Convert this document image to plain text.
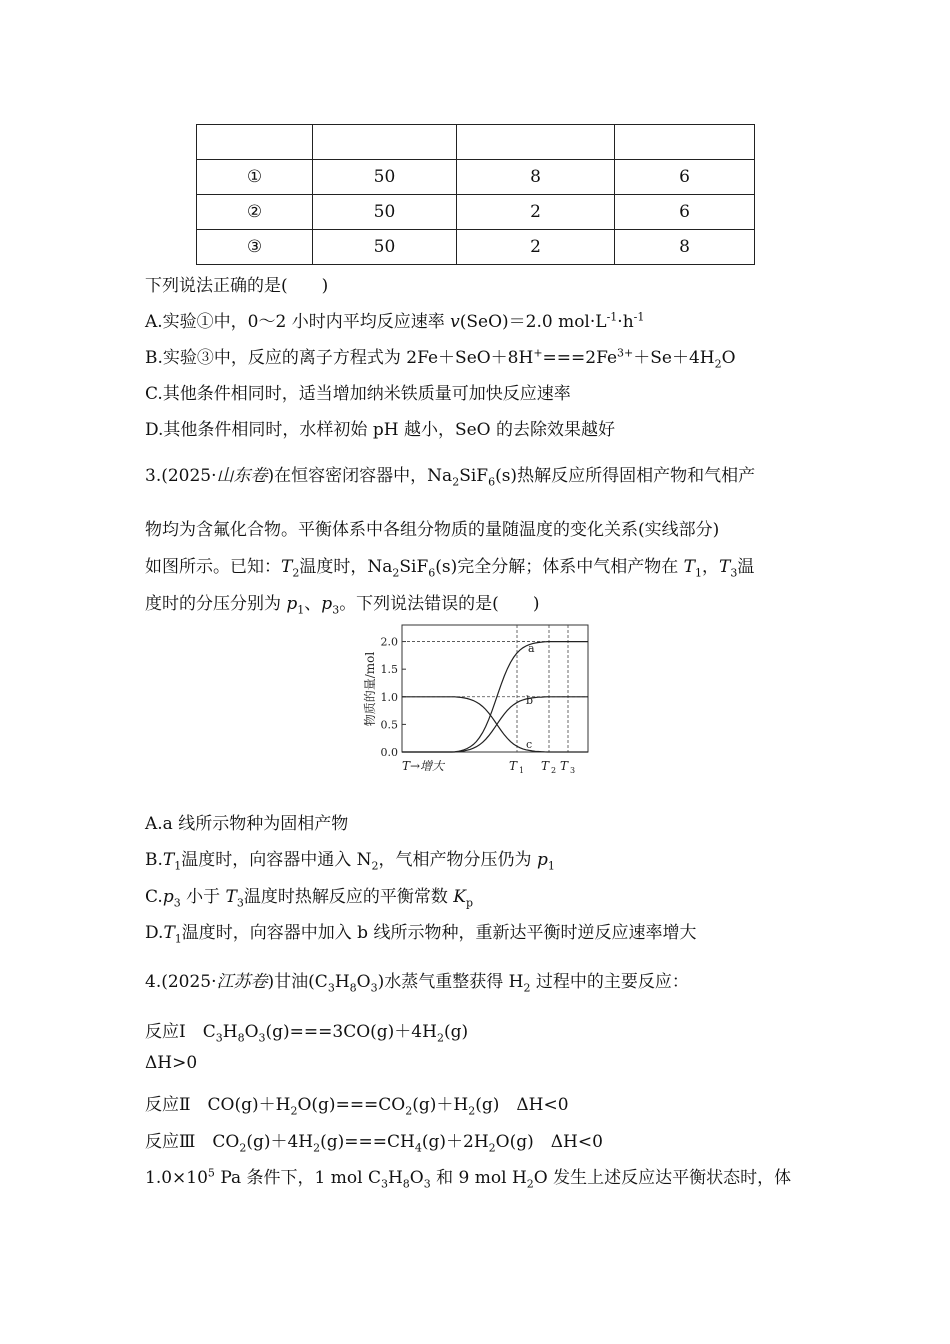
①	50	8	6
②	50	2	6
③	50	2	8
下列说法正确的是(　　)
A.实验①中，0～2 小时内平均反应速率 v(SeO)＝2.0 $mol\cdot L^{-1}\cdot h^{-1}$
B.实验③中，反应的离子方程式为 $2Fe+SeO+8H^+===2Fe^{3+}+Se+4H_2O$
C.其他条件相同时，适当增加纳米铁质量可加快反应速率
D.其他条件相同时，水样初始 pH 越小，SeO 的去除效果越好
3.(2025·山东卷)在恒容密闭容器中，$Na_2SiF_6(s)$热解反应所得固相产物和气相产
物均为含氟化合物。平衡体系中各组分物质的量随温度的变化关系(实线部分)
如图所示。已知：$T_2$温度时，$Na_2SiF_6(s)$完全分解；体系中气相产物在 $T_1$，$T_3$温
度时的分压分别为 $p_1$、$p_3$。下列说法错误的是(　　)
2.0
1.5
1.0
0.5
0.0
a
b
c
物质的量/mol
T→增大	T 1 T 2 T 3
A.a 线所示物种为固相产物
$B.T_1$温度时，向容器中通入 $N_2$，气相产物分压仍为 $p_1$
$C.p_3$ 小于 $T_3$温度时热解反应的平衡常数 $K_p$
$D.T_1$温度时，向容器中加入 b 线所示物种，重新达平衡时逆反应速率增大
4.(2025·江苏卷)甘油$(C_3H_8O_3)$水蒸气重整获得 $H_2$ 过程中的主要反应：
反应Ⅰ　$C_3H_8O_3(g)===3CO(g)+4H_2(g)$
ΔH>0
反应Ⅱ　$CO(g)+H_2O(g)===CO_2(g)+H_2(g)$　ΔH<0
反应Ⅲ　$CO_2(g)+4H_2(g)===CH_4(g)+2H_2O(g)$　ΔH<0
$1.0\times 10^5$ Pa 条件下，1 mol $C_3H_8O_3$ 和 9 mol $H_2O$ 发生上述反应达平衡状态时，体
